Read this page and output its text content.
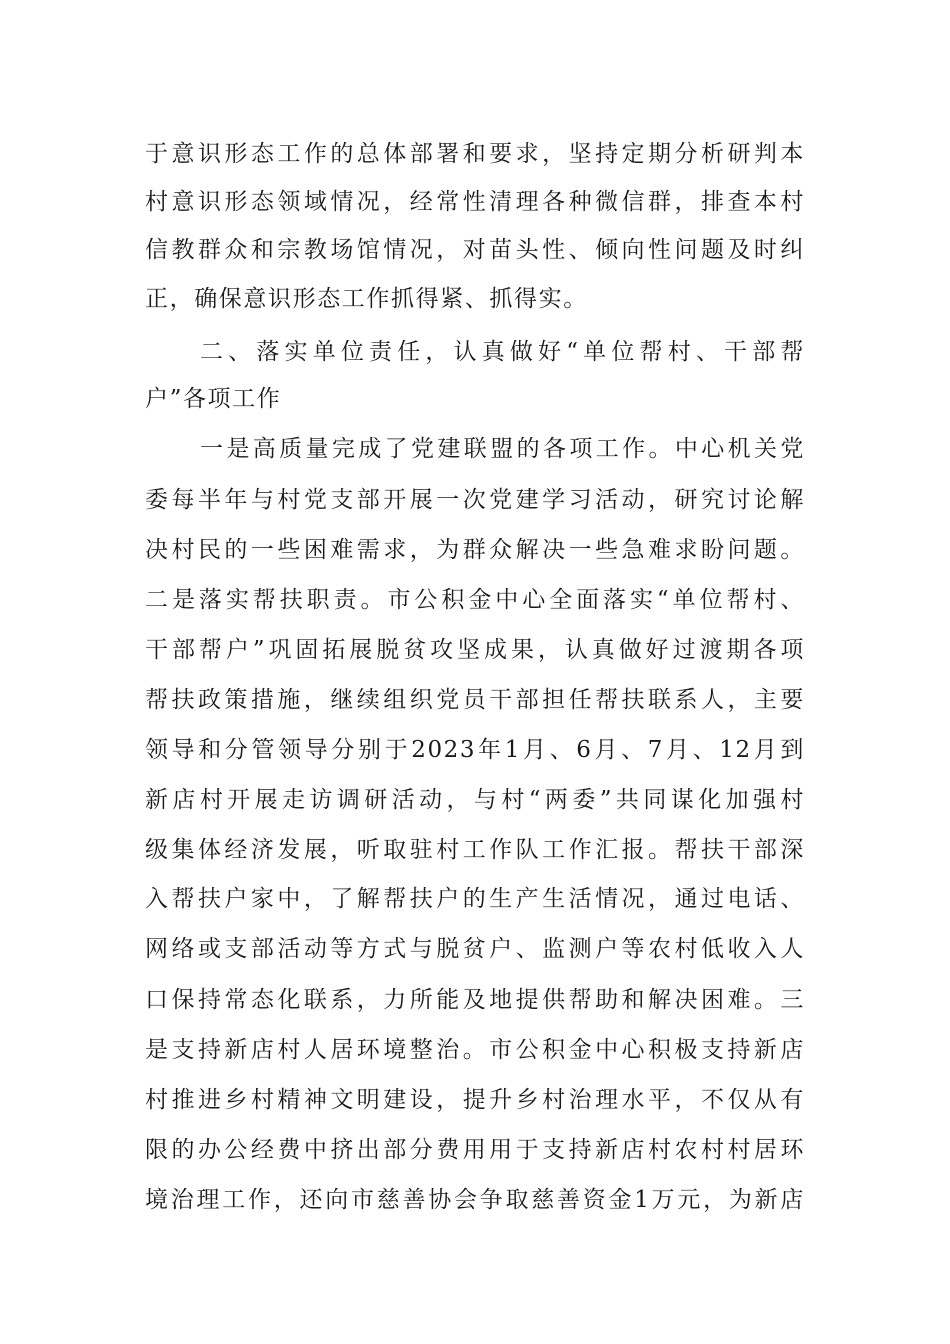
于意识形态工作的总体部署和要求，坚持定期分析研判本
村意识形态领域情况，经常性清理各种微信群，排查本村
信教群众和宗教场馆情况，对苗头性、倾向性问题及时纠
正，确保意识形态工作抓得紧、抓得实。
二、落实单位责任，认真做好“单位帮村、干部帮
户”各项工作
一是高质量完成了党建联盟的各项工作。中心机关党
委每半年与村党支部开展一次党建学习活动，研究讨论解
决村民的一些困难需求，为群众解决一些急难求盼问题。
二是落实帮扶职责。市公积金中心全面落实“单位帮村、
干部帮户”巩固拓展脱贫攻坚成果，认真做好过渡期各项
帮扶政策措施，继续组织党员干部担任帮扶联系人，主要
领导和分管领导分别于2023年1月、6月、7月、12月到
新店村开展走访调研活动，与村“两委”共同谋化加强村
级集体经济发展，听取驻村工作队工作汇报。帮扶干部深
入帮扶户家中，了解帮扶户的生产生活情况，通过电话、
网络或支部活动等方式与脱贫户、监测户等农村低收入人
口保持常态化联系，力所能及地提供帮助和解决困难。三
是支持新店村人居环境整治。市公积金中心积极支持新店
村推进乡村精神文明建设，提升乡村治理水平，不仅从有
限的办公经费中挤出部分费用用于支持新店村农村村居环
境治理工作，还向市慈善协会争取慈善资金1万元，为新店
